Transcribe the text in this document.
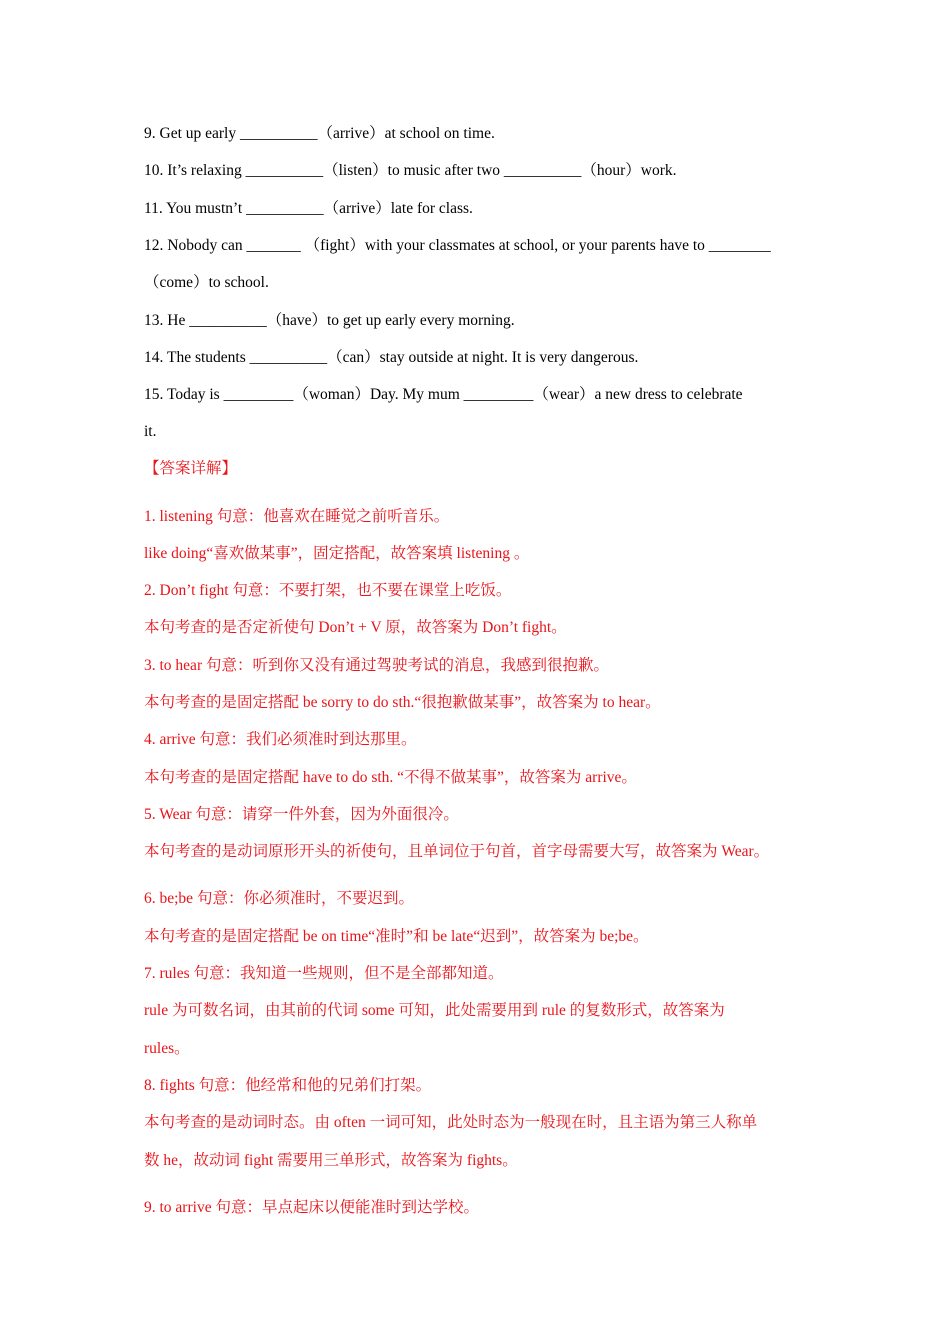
9. Get up early __________（arrive）at school on time.
10. It’s relaxing __________（listen）to music after two __________（hour）work.
11. You mustn’t __________（arrive）late for class.
12. Nobody can _______ （fight）with your classmates at school, or your parents have to ________
（come）to school.
13. He __________（have）to get up early every morning.
14. The students __________（can）stay outside at night. It is very dangerous.
15. Today is _________（woman）Day. My mum _________（wear）a new dress to celebrate
it.
【答案详解】
1. listening 句意：他喜欢在睡觉之前听音乐。
like doing“喜欢做某事”，固定搭配，故答案填 listening 。
2. Don’t fight 句意：不要打架，也不要在课堂上吃饭。
本句考查的是否定祈使句 Don’t + V 原，故答案为 Don’t fight。
3. to hear 句意：听到你又没有通过驾驶考试的消息，我感到很抱歉。
本句考查的是固定搭配 be sorry to do sth.“很抱歉做某事”，故答案为 to hear。
4. arrive 句意：我们必须准时到达那里。
本句考查的是固定搭配 have to do sth. “不得不做某事”，故答案为 arrive。
5. Wear 句意：请穿一件外套，因为外面很冷。
本句考查的是动词原形开头的祈使句，且单词位于句首，首字母需要大写，故答案为 Wear。
6. be;be 句意：你必须准时，不要迟到。
本句考查的是固定搭配 be on time“准时”和 be late“迟到”，故答案为 be;be。
7. rules 句意：我知道一些规则，但不是全部都知道。
rule 为可数名词，由其前的代词 some 可知，此处需要用到 rule 的复数形式，故答案为
rules。
8. fights 句意：他经常和他的兄弟们打架。
本句考查的是动词时态。由 often 一词可知，此处时态为一般现在时，且主语为第三人称单
数 he，故动词 fight 需要用三单形式，故答案为 fights。
9. to arrive 句意：早点起床以便能准时到达学校。
